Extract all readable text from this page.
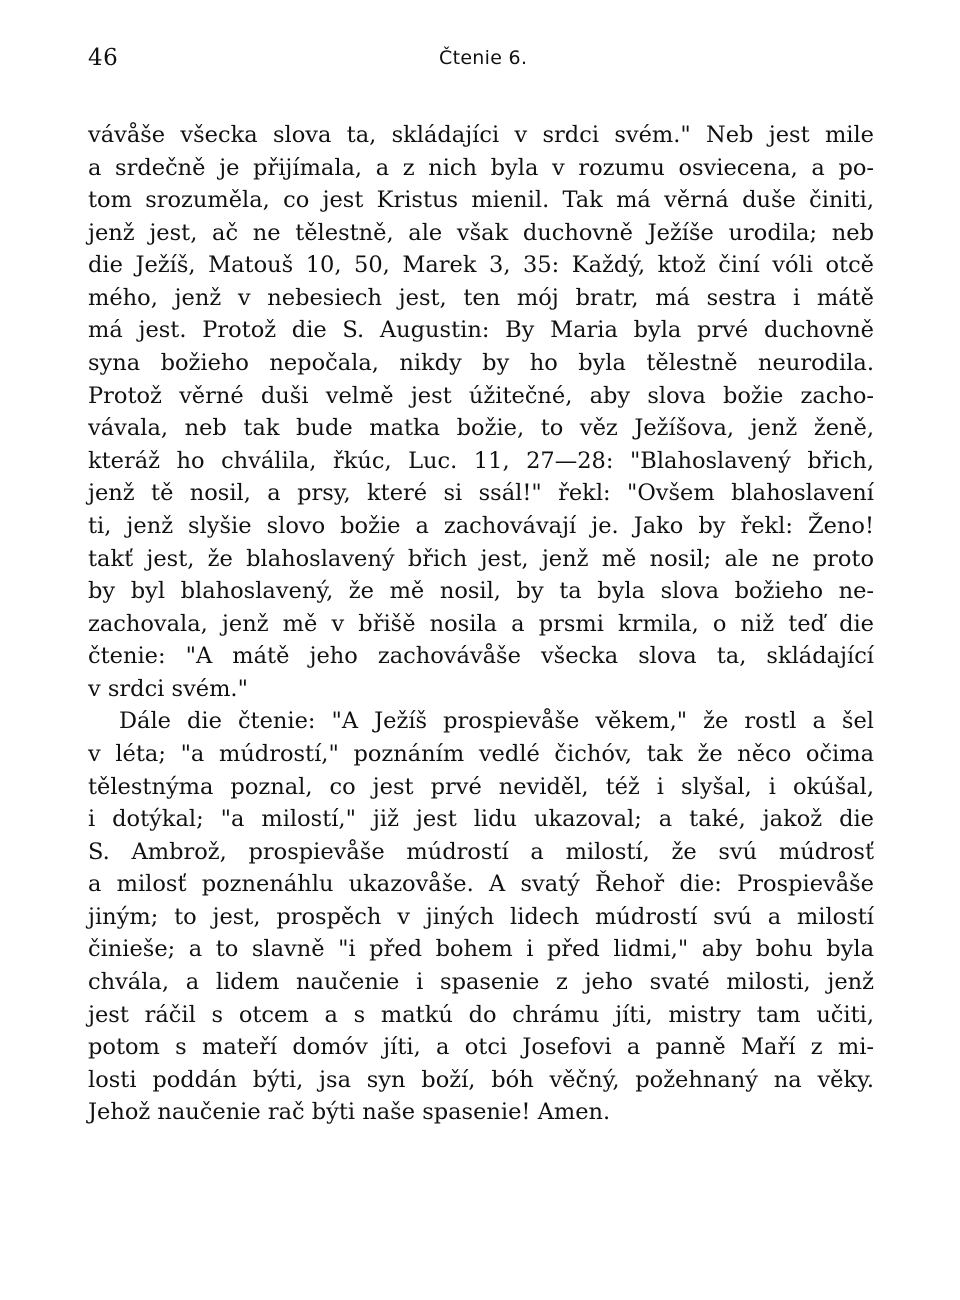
46	Čtenie 6.
vávåše všecka slova ta, skládajíci v srdci svém." Neb jest mile
a srdečně je přijímala, a z nich byla v rozumu osviecena, a po-
tom srozuměla, co jest Kristus mienil. Tak má věrná duše činiti,
jenž jest, ač ne tělestně, ale však duchovně Ježíše urodila; neb
die Ježíš, Matouš 10, 50, Marek 3, 35: Každý, ktož činí vóli otcě
mého, jenž v nebesiech jest, ten mój bratr, má sestra i mátě
má jest. Protož die S. Augustin: By Maria byla prvé duchovně
syna božieho nepočala, nikdy by ho byla tělestně neurodila.
Protož věrné duši velmě jest úžitečné, aby slova božie zacho-
vávala, neb tak bude matka božie, to věz Ježíšova, jenž ženě,
kteráž ho chválila, řkúc, Luc. 11, 27—28: "Blahoslavený břich,
jenž tě nosil, a prsy, které si ssál!" řekl: "Ovšem blahoslavení
ti, jenž slyšie slovo božie a zachovávají je. Jako by řekl: Ženo!
takť jest, že blahoslavený břich jest, jenž mě nosil; ale ne proto
by byl blahoslavený, že mě nosil, by ta byla slova božieho ne-
zachovala, jenž mě v břišě nosila a prsmi krmila, o niž teď die
čtenie: "A mátě jeho zachovávåše všecka slova ta, skládající
v srdci svém."
Dále die čtenie: "A Ježíš prospievåše věkem," že rostl a šel
v léta; "a múdrostí," poznáním vedlé čichóv, tak že něco očima
tělestnýma poznal, co jest prvé neviděl, též i slyšal, i okúšal,
i dotýkal; "a milostí," již jest lidu ukazoval; a také, jakož die
S. Ambrož, prospievåše múdrostí a milostí, že svú múdrosť
a milosť poznenáhlu ukazovåše. A svatý Řehoř die: Prospievåše
jiným; to jest, prospěch v jiných lidech múdrostí svú a milostí
činieše; a to slavně "i před bohem i před lidmi," aby bohu byla
chvála, a lidem naučenie i spasenie z jeho svaté milosti, jenž
jest ráčil s otcem a s matkú do chrámu jíti, mistry tam učiti,
potom s mateří domóv jíti, a otci Josefovi a panně Maří z mi-
losti poddán býti, jsa syn boží, bóh věčný, požehnaný na věky.
Jehož naučenie rač býti naše spasenie! Amen.
